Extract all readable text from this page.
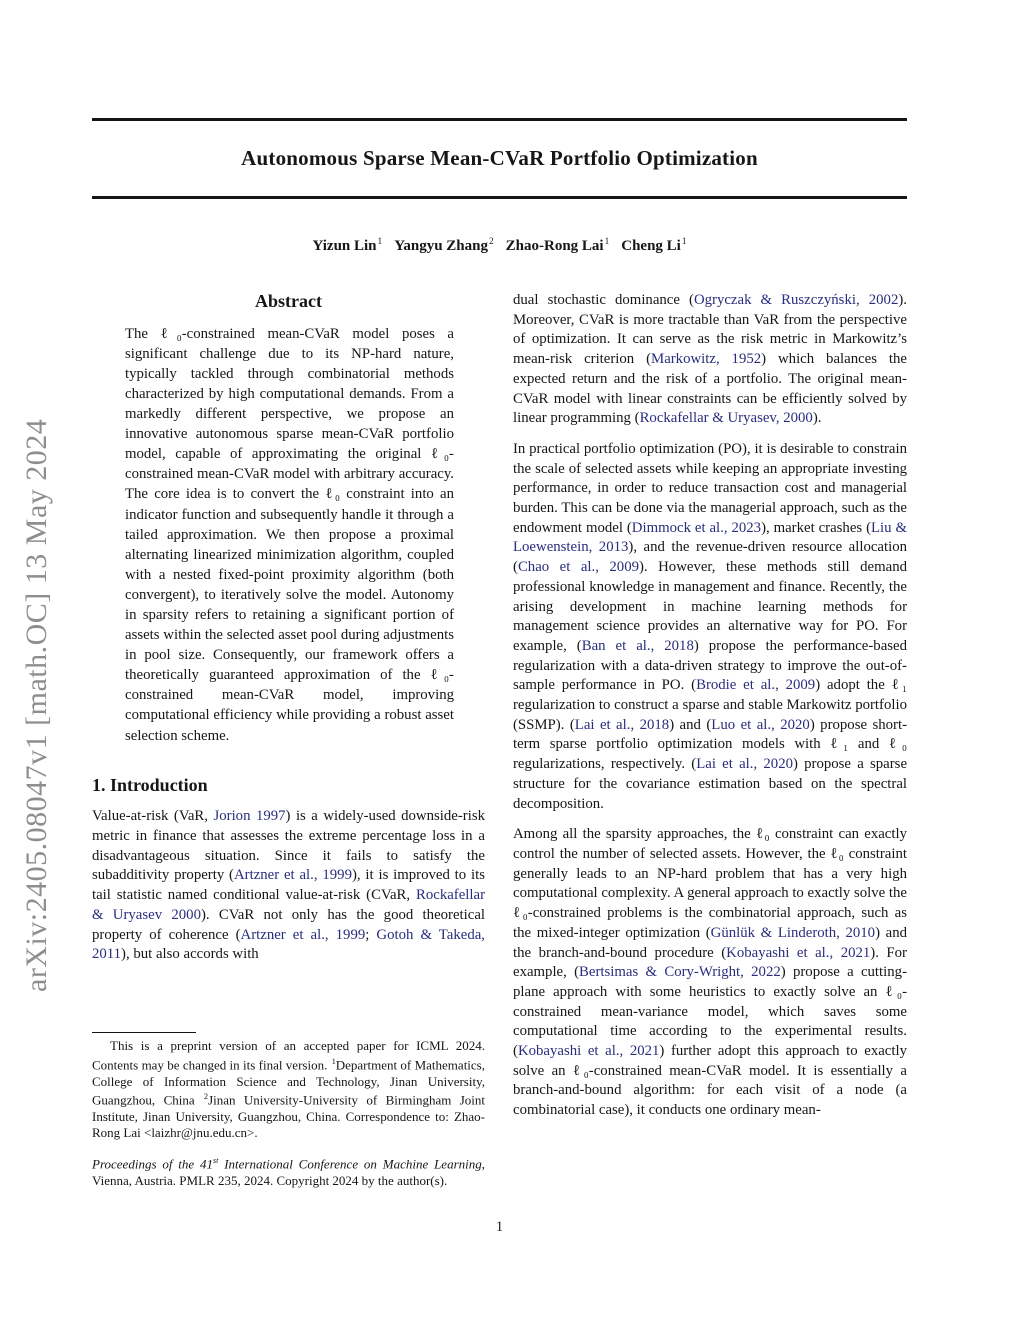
arXiv:2405.08047v1 [math.OC] 13 May 2024
Autonomous Sparse Mean-CVaR Portfolio Optimization
Yizun Lin$^1$ Yangyu Zhang$^2$ Zhao-Rong Lai$^1$ Cheng Li$^1$
Abstract

The ℓ₀-constrained mean-CVaR model poses a significant challenge due to its NP-hard nature, typically tackled through combinatorial methods characterized by high computational demands. From a markedly different perspective, we propose an innovative autonomous sparse mean-CVaR portfolio model, capable of approximating the original ℓ₀-constrained mean-CVaR model with arbitrary accuracy. The core idea is to convert the ℓ₀ constraint into an indicator function and subsequently handle it through a tailed approximation. We then propose a proximal alternating linearized minimization algorithm, coupled with a nested fixed-point proximity algorithm (both convergent), to iteratively solve the model. Autonomy in sparsity refers to retaining a significant portion of assets within the selected asset pool during adjustments in pool size. Consequently, our framework offers a theoretically guaranteed approximation of the ℓ₀-constrained mean-CVaR model, improving computational efficiency while providing a robust asset selection scheme.

1. Introduction

Value-at-risk (VaR, Jorion 1997) is a widely-used downside-risk metric in finance that assesses the extreme percentage loss in a disadvantageous situation. Since it fails to satisfy the subadditivity property (Artzner et al., 1999), it is improved to its tail statistic named conditional value-at-risk (CVaR, Rockafellar & Uryasev 2000). CVaR not only has the good theoretical property of coherence (Artzner et al., 1999; Gotoh & Takeda, 2011), but also accords with

dual stochastic dominance (Ogryczak & Ruszczyński, 2002). Moreover, CVaR is more tractable than VaR from the perspective of optimization. It can serve as the risk metric in Markowitz’s mean-risk criterion (Markowitz, 1952) which balances the expected return and the risk of a portfolio. The original mean-CVaR model with linear constraints can be efficiently solved by linear programming (Rockafellar & Uryasev, 2000).

In practical portfolio optimization (PO), it is desirable to constrain the scale of selected assets while keeping an appropriate investing performance, in order to reduce transaction cost and managerial burden. This can be done via the managerial approach, such as the endowment model (Dimmock et al., 2023), market crashes (Liu & Loewenstein, 2013), and the revenue-driven resource allocation (Chao et al., 2009). However, these methods still demand professional knowledge in management and finance. Recently, the arising development in machine learning methods for management science provides an alternative way for PO. For example, (Ban et al., 2018) propose the performance-based regularization with a data-driven strategy to improve the out-of-sample performance in PO. (Brodie et al., 2009) adopt the ℓ₁ regularization to construct a sparse and stable Markowitz portfolio (SSMP). (Lai et al., 2018) and (Luo et al., 2020) propose short-term sparse portfolio optimization models with ℓ₁ and ℓ₀ regularizations, respectively. (Lai et al., 2020) propose a sparse structure for the covariance estimation based on the spectral decomposition.

Among all the sparsity approaches, the ℓ₀ constraint can exactly control the number of selected assets. However, the ℓ₀ constraint generally leads to an NP-hard problem that has a very high computational complexity. A general approach to exactly solve the ℓ₀-constrained problems is the combinatorial approach, such as the mixed-integer optimization (Günlük & Linderoth, 2010) and the branch-and-bound procedure (Kobayashi et al., 2021). For example, (Bertsimas & Cory-Wright, 2022) propose a cutting-plane approach with some heuristics to exactly solve an ℓ₀-constrained mean-variance model, which saves some computational time according to the experimental results. (Kobayashi et al., 2021) further adopt this approach to exactly solve an ℓ₀-constrained mean-CVaR model. It is essentially a branch-and-bound algorithm: for each visit of a node (a combinatorial case), it conducts one ordinary mean-

This is a preprint version of an accepted paper for ICML 2024. Contents may be changed in its final version. $^1$Department of Mathematics, College of Information Science and Technology, Jinan University, Guangzhou, China $^2$Jinan University-University of Birmingham Joint Institute, Jinan University, Guangzhou, China. Correspondence to: Zhao-Rong Lai <laizhr@jnu.edu.cn>.

Proceedings of the 41st International Conference on Machine Learning, Vienna, Austria. PMLR 235, 2024. Copyright 2024 by the author(s).

1
